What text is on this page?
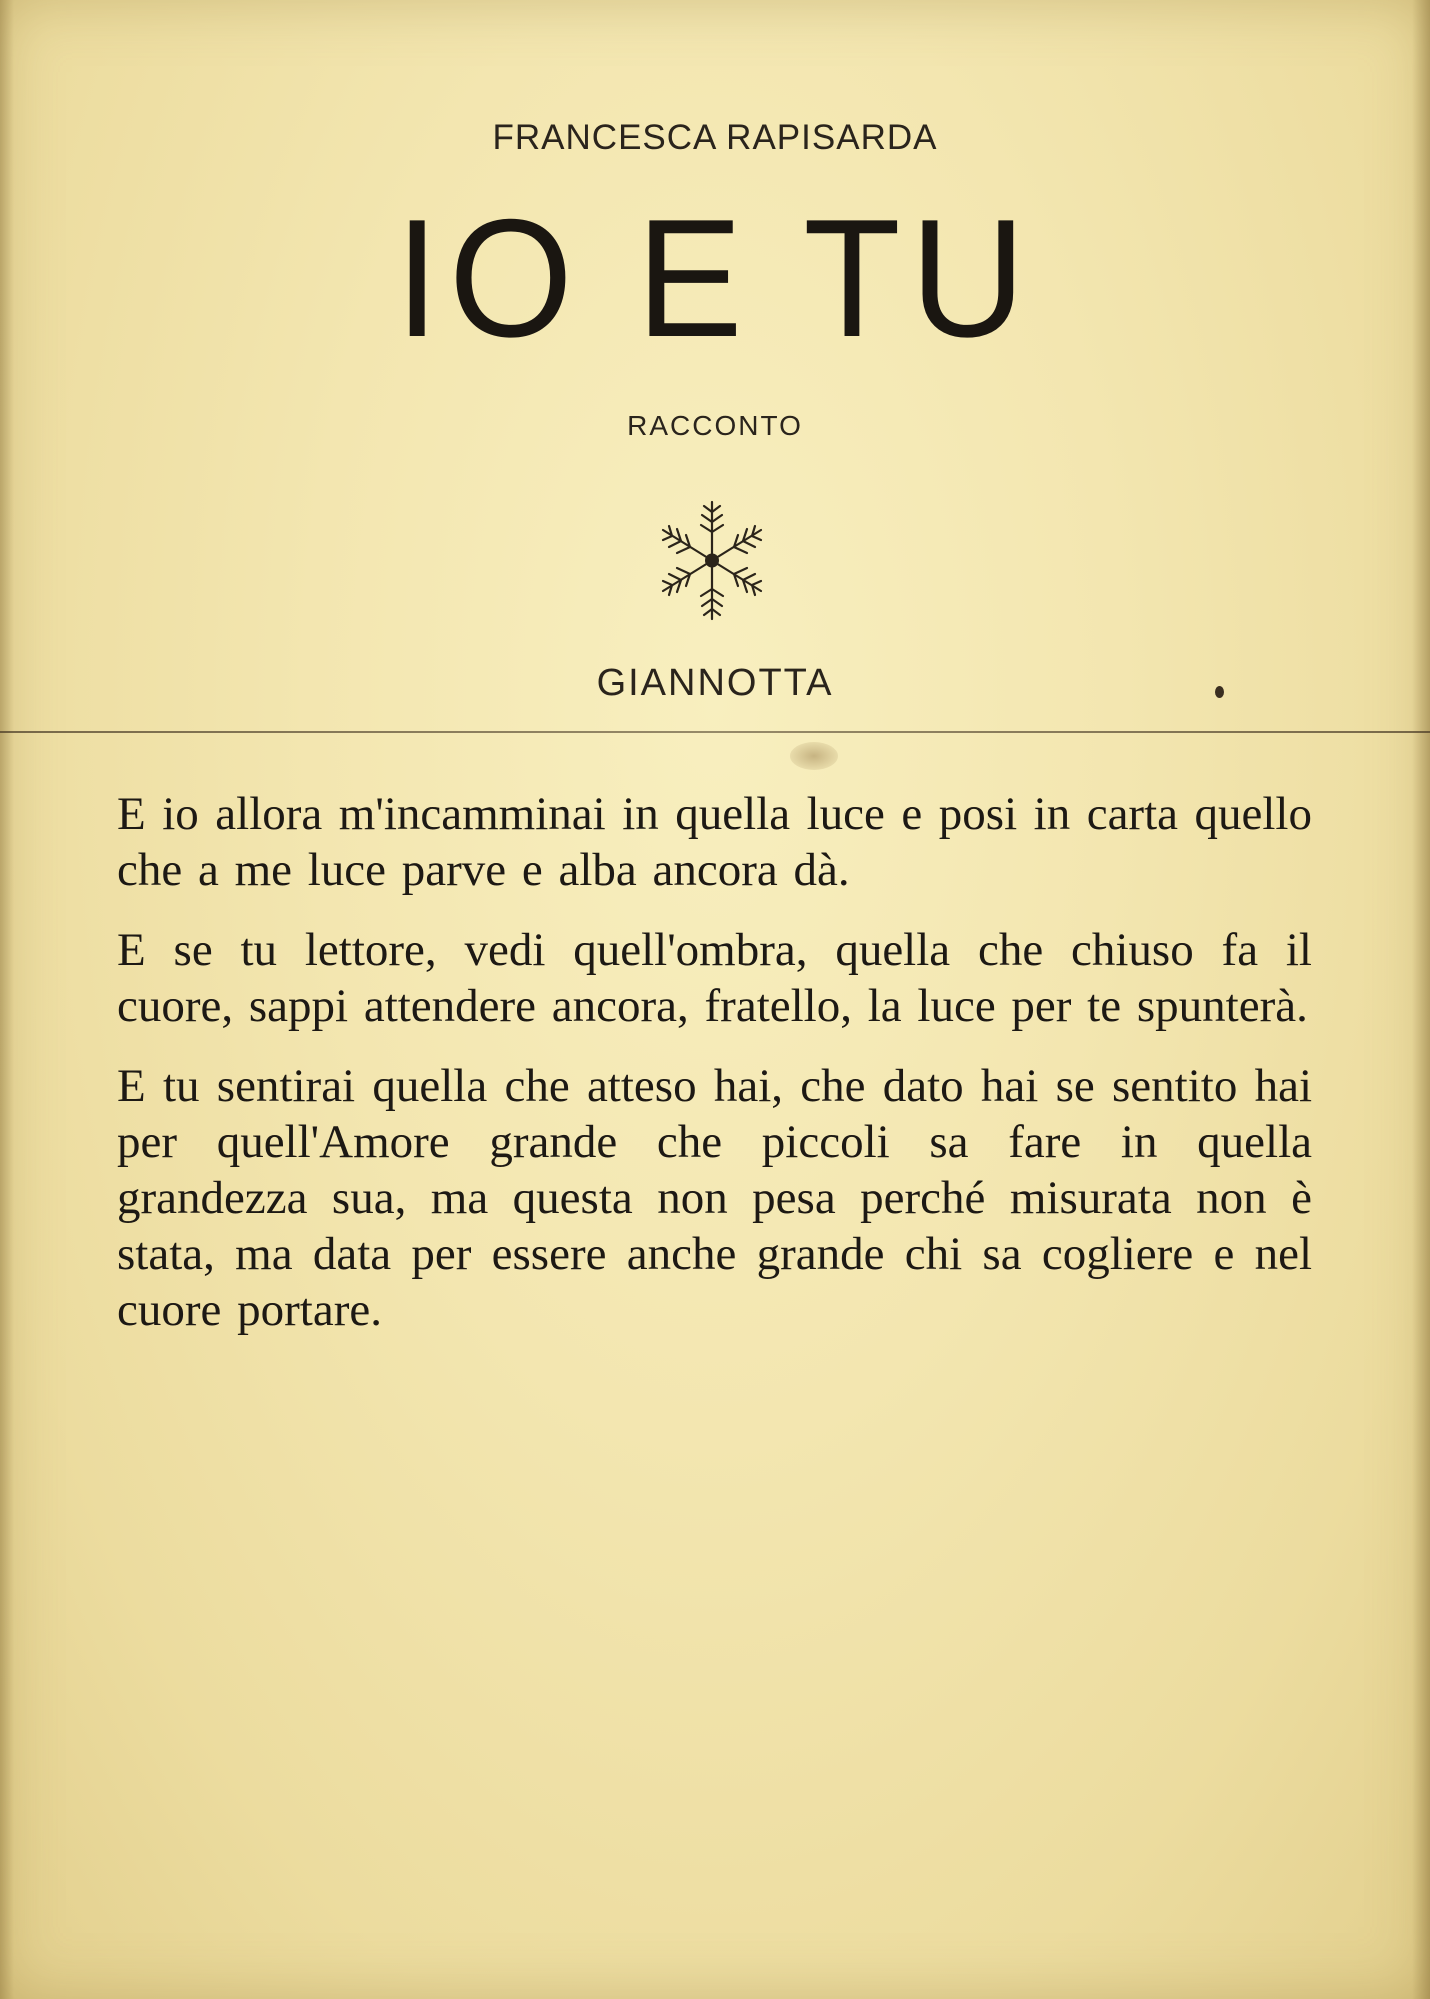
FRANCESCA RAPISARDA
IO E TU
RACCONTO
GIANNOTTA

E io allora m'incamminai in quella luce e posi in carta quello che a me luce parve e alba ancora dà.

E se tu lettore, vedi quell'ombra, quella che chiuso fa il cuore, sappi attendere ancora, fratello, la luce per te spunterà.

E tu sentirai quella che atteso hai, che dato hai se sentito hai per quell'Amore grande che piccoli sa fare in quella grandezza sua, ma questa non pesa perché misurata non è stata, ma data per essere anche grande chi sa cogliere e nel cuore portare.
